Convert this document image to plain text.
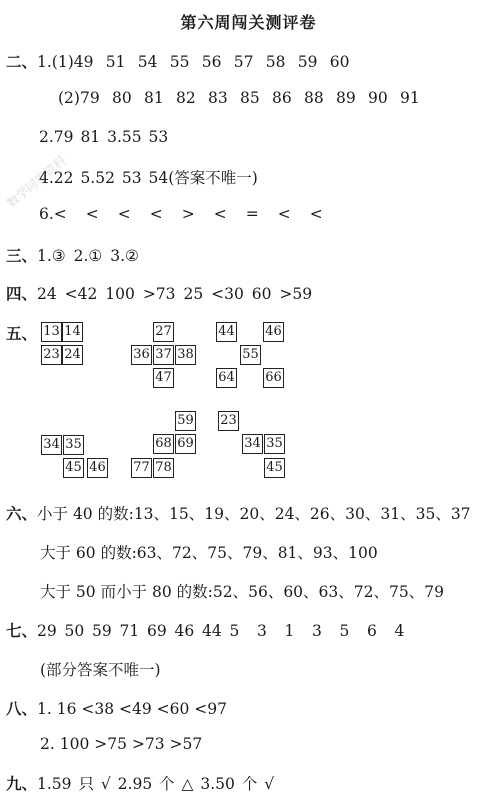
第六周闯关测评卷
数学同步资料
二、1.(1)49 51 54 55 56 57 58 59 60
(2)79 80 81 82 83 85 86 88 89 90 91
2.79 81 3.55 53
4.22 5.52 53 54(答案不唯一)
6.< < < < > < = < <
三、1.③ 2.① 3.②
四、24 <42 100 >73 25 <30 60 >59
五、 13 14
23 24
27
36 37 38
47
44 46
55
64 66
34 35
45 46
59
68 69
77 78
23
34 35
45
六、小于 40 的数:13、15、19、20、24、26、30、31、35、37
大于 60 的数:63、72、75、79、81、93、100
大于 50 而小于 80 的数:52、56、60、63、72、75、79
七、29 50 59 71 69 46 44 5 3 1 3 5 6 4
(部分答案不唯一)
八、1. 16 <38 <49 <60 <97
2. 100 >75 >73 >57
九、1.59 只 √ 2.95 个 △ 3.50 个 √
